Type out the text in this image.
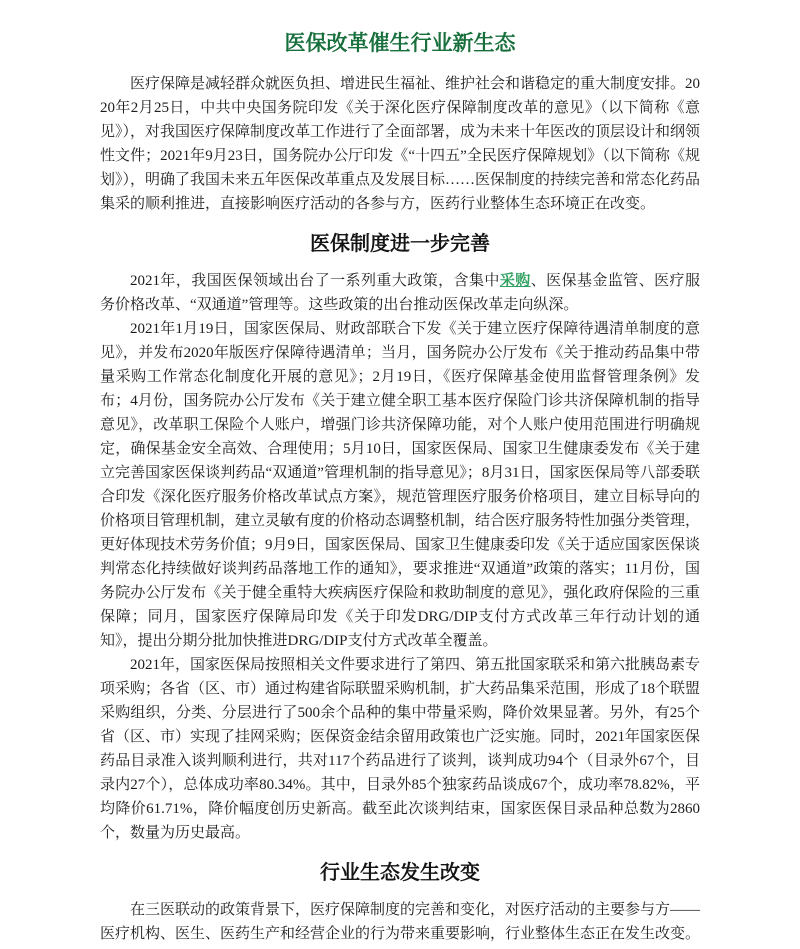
医保改革催生行业新生态

医疗保障是减轻群众就医负担、增进民生福祉、维护社会和谐稳定的重大制度安排。2020年2月25日，中共中央国务院印发《关于深化医疗保障制度改革的意见》（以下简称《意见》），对我国医疗保障制度改革工作进行了全面部署，成为未来十年医改的顶层设计和纲领性文件；2021年9月23日，国务院办公厅印发《“十四五”全民医疗保障规划》（以下简称《规划》），明确了我国未来五年医保改革重点及发展目标……医保制度的持续完善和常态化药品集采的顺利推进，直接影响医疗活动的各参与方，医药行业整体生态环境正在改变。

医保制度进一步完善

2021年，我国医保领域出台了一系列重大政策，含集中采购、医保基金监管、医疗服务价格改革、“双通道”管理等。这些政策的出台推动医保改革走向纵深。

2021年1月19日，国家医保局、财政部联合下发《关于建立医疗保障待遇清单制度的意见》，并发布2020年版医疗保障待遇清单；当月，国务院办公厅发布《关于推动药品集中带量采购工作常态化制度化开展的意见》；2月19日，《医疗保障基金使用监督管理条例》发布；4月份，国务院办公厅发布《关于建立健全职工基本医疗保险门诊共济保障机制的指导意见》，改革职工保险个人账户，增强门诊共济保障功能，对个人账户使用范围进行明确规定，确保基金安全高效、合理使用；5月10日，国家医保局、国家卫生健康委发布《关于建立完善国家医保谈判药品“双通道”管理机制的指导意见》；8月31日，国家医保局等八部委联合印发《深化医疗服务价格改革试点方案》，规范管理医疗服务价格项目，建立目标导向的价格项目管理机制，建立灵敏有度的价格动态调整机制，结合医疗服务特性加强分类管理，更好体现技术劳务价值；9月9日，国家医保局、国家卫生健康委印发《关于适应国家医保谈判常态化持续做好谈判药品落地工作的通知》，要求推进“双通道”政策的落实；11月份，国务院办公厅发布《关于健全重特大疾病医疗保险和救助制度的意见》，强化政府保险的三重保障；同月，国家医疗保障局印发《关于印发DRG/DIP支付方式改革三年行动计划的通知》，提出分期分批加快推进DRG/DIP支付方式改革全覆盖。

2021年，国家医保局按照相关文件要求进行了第四、第五批国家联采和第六批胰岛素专项采购；各省（区、市）通过构建省际联盟采购机制，扩大药品集采范围，形成了18个联盟采购组织，分类、分层进行了500余个品种的集中带量采购，降价效果显著。另外，有25个省（区、市）实现了挂网采购；医保资金结余留用政策也广泛实施。同时，2021年国家医保药品目录准入谈判顺利进行，共对117个药品进行了谈判，谈判成功94个（目录外67个，目录内27个），总体成功率80.34%。其中，目录外85个独家药品谈成67个，成功率78.82%，平均降价61.71%，降价幅度创历史新高。截至此次谈判结束，国家医保目录品种总数为2860个，数量为历史最高。

行业生态发生改变

在三医联动的政策背景下，医疗保障制度的完善和变化，对医疗活动的主要参与方——医疗机构、医生、医药生产和经营企业的行为带来重要影响，行业整体生态正在发生改变。
